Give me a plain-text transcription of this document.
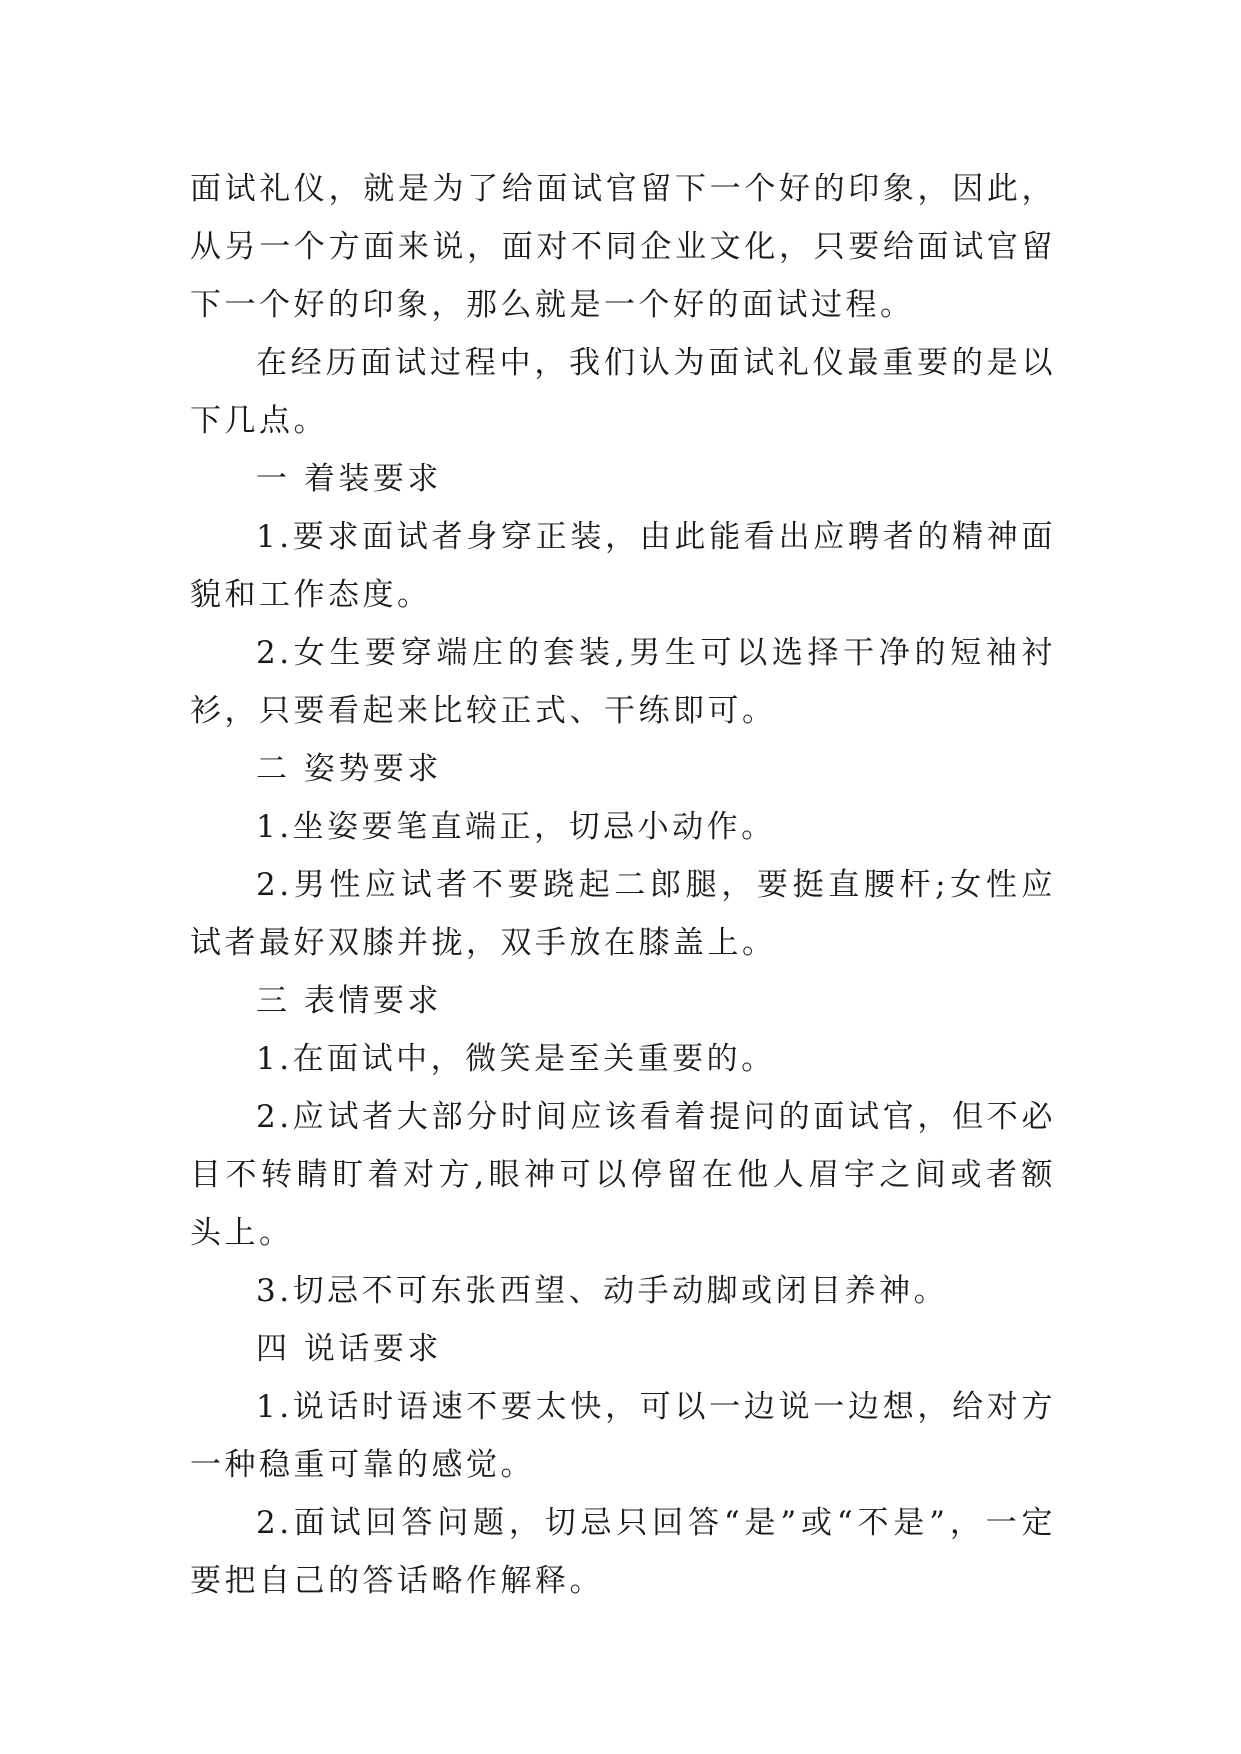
面试礼仪，就是为了给面试官留下一个好的印象，因此，从另一个方面来说，面对不同企业文化，只要给面试官留下一个好的印象，那么就是一个好的面试过程。

在经历面试过程中，我们认为面试礼仪最重要的是以下几点。

一 着装要求

1.要求面试者身穿正装，由此能看出应聘者的精神面貌和工作态度。

2.女生要穿端庄的套装,男生可以选择干净的短袖衬衫，只要看起来比较正式、干练即可。

二 姿势要求

1.坐姿要笔直端正，切忌小动作。

2.男性应试者不要跷起二郎腿，要挺直腰杆;女性应试者最好双膝并拢，双手放在膝盖上。

三 表情要求

1.在面试中，微笑是至关重要的。

2.应试者大部分时间应该看着提问的面试官，但不必目不转睛盯着对方,眼神可以停留在他人眉宇之间或者额头上。

3.切忌不可东张西望、动手动脚或闭目养神。

四 说话要求

1.说话时语速不要太快，可以一边说一边想，给对方一种稳重可靠的感觉。

2.面试回答问题，切忌只回答“是”或“不是”，一定要把自己的答话略作解释。
